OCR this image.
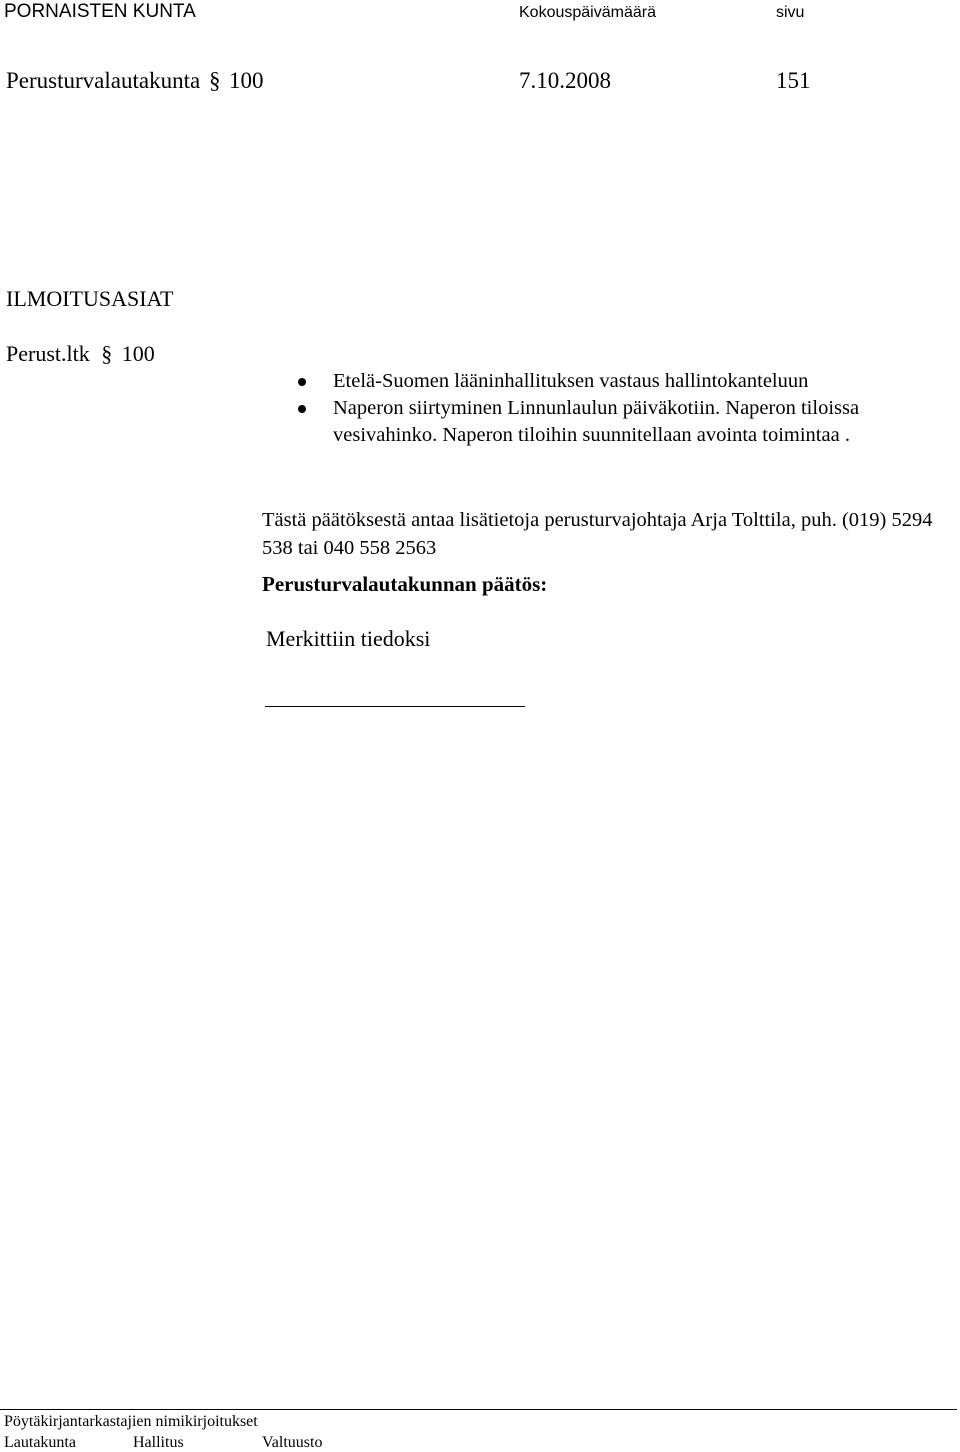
PORNAISTEN KUNTA	Kokouspäivämäärä	sivu
Perusturvalautakunta § 100	7.10.2008	151
ILMOITUSASIAT
Perust.ltk § 100
Etelä-Suomen lääninhallituksen vastaus hallintokanteluun
Naperon siirtyminen Linnunlaulun päiväkotiin. Naperon tiloissa vesivahinko. Naperon tiloihin suunnitellaan avointa toimintaa .
Tästä päätöksestä antaa lisätietoja perusturvajohtaja Arja Tolttila, puh. (019) 5294 538 tai 040 558 2563
Perusturvalautakunnan päätös:
Merkittiin tiedoksi
Pöytäkirjantarkastajien nimikirjoitukset
Lautakunta	Hallitus	Valtuusto
